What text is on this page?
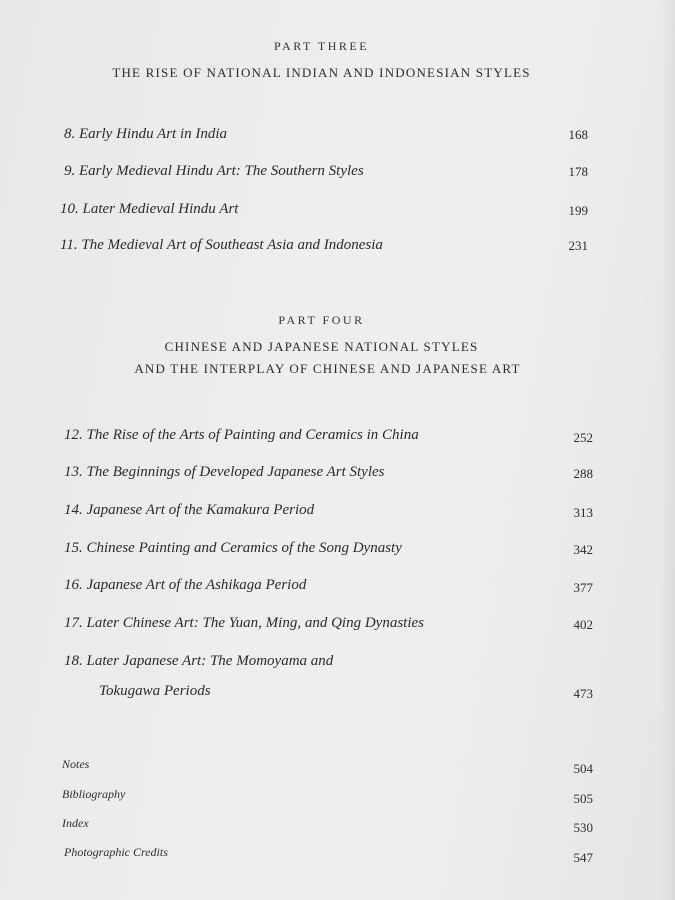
PART THREE
THE RISE OF NATIONAL INDIAN AND INDONESIAN STYLES
8. Early Hindu Art in India	168
9. Early Medieval Hindu Art: The Southern Styles	178
10. Later Medieval Hindu Art	199
11. The Medieval Art of Southeast Asia and Indonesia	231
PART FOUR
CHINESE AND JAPANESE NATIONAL STYLES
AND THE INTERPLAY OF CHINESE AND JAPANESE ART
12. The Rise of the Arts of Painting and Ceramics in China	252
13. The Beginnings of Developed Japanese Art Styles	288
14. Japanese Art of the Kamakura Period	313
15. Chinese Painting and Ceramics of the Song Dynasty	342
16. Japanese Art of the Ashikaga Period	377
17. Later Chinese Art: The Yuan, Ming, and Qing Dynasties	402
18. Later Japanese Art: The Momoyama and
Tokugawa Periods	473
Notes	504
Bibliography	505
Index	530
Photographic Credits	547
